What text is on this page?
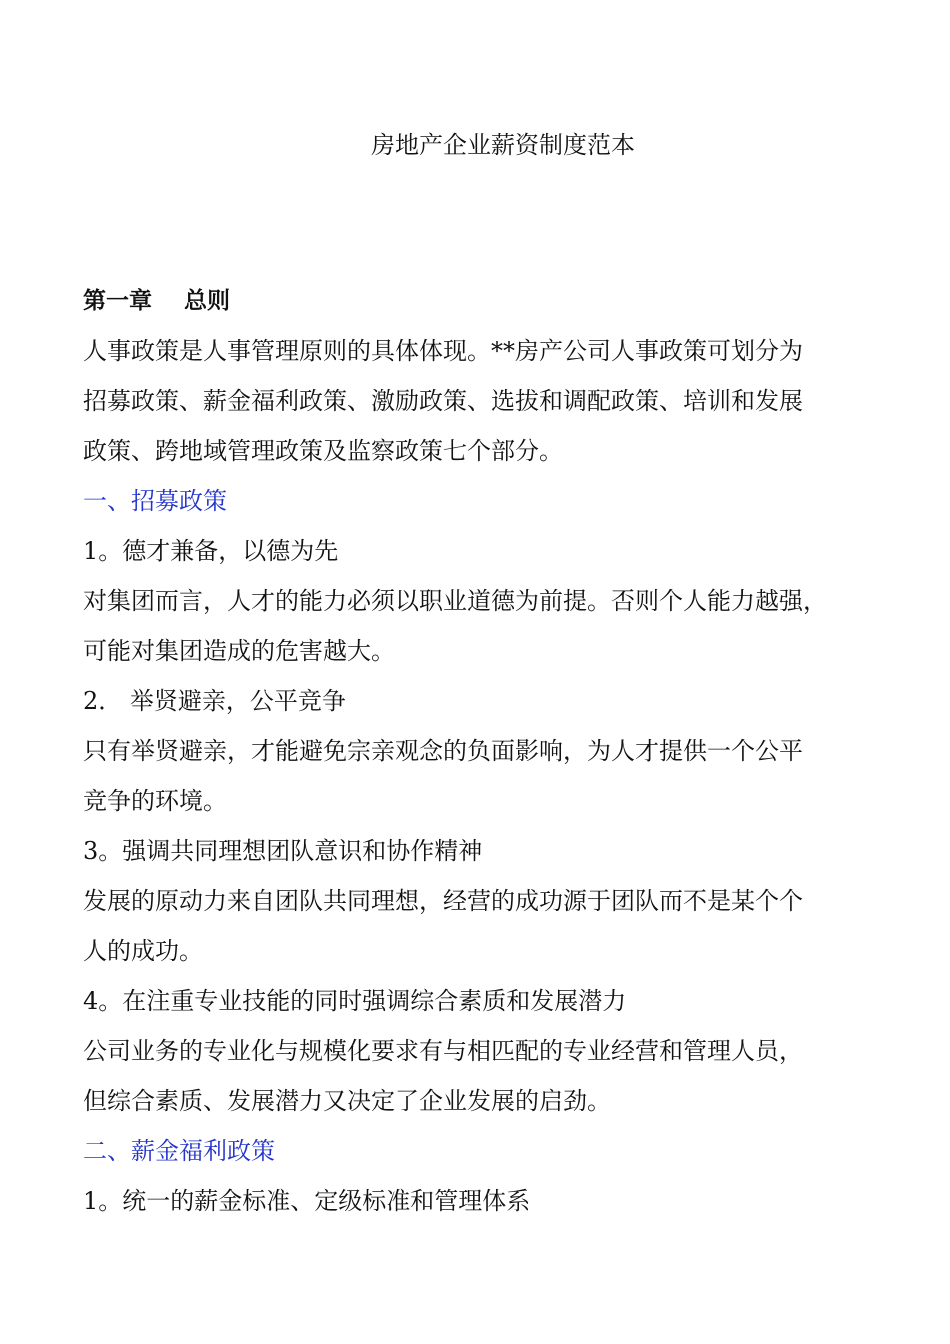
房地产企业薪资制度范本

第一章 总则

人事政策是人事管理原则的具体体现。**房产公司人事政策可划分为

招募政策、薪金福利政策、激励政策、选拔和调配政策、培训和发展

政策、跨地域管理政策及监察政策七个部分。

一、招募政策

1。德才兼备，以德为先

对集团而言，人才的能力必须以职业道德为前提。否则个人能力越强，

可能对集团造成的危害越大。

2． 举贤避亲，公平竞争

只有举贤避亲，才能避免宗亲观念的负面影响，为人才提供一个公平

竞争的环境。

3。强调共同理想团队意识和协作精神

发展的原动力来自团队共同理想，经营的成功源于团队而不是某个个

人的成功。

4。在注重专业技能的同时强调综合素质和发展潜力

公司业务的专业化与规模化要求有与相匹配的专业经营和管理人员，

但综合素质、发展潜力又决定了企业发展的启劲。

二、薪金福利政策

1。统一的薪金标准、定级标准和管理体系
